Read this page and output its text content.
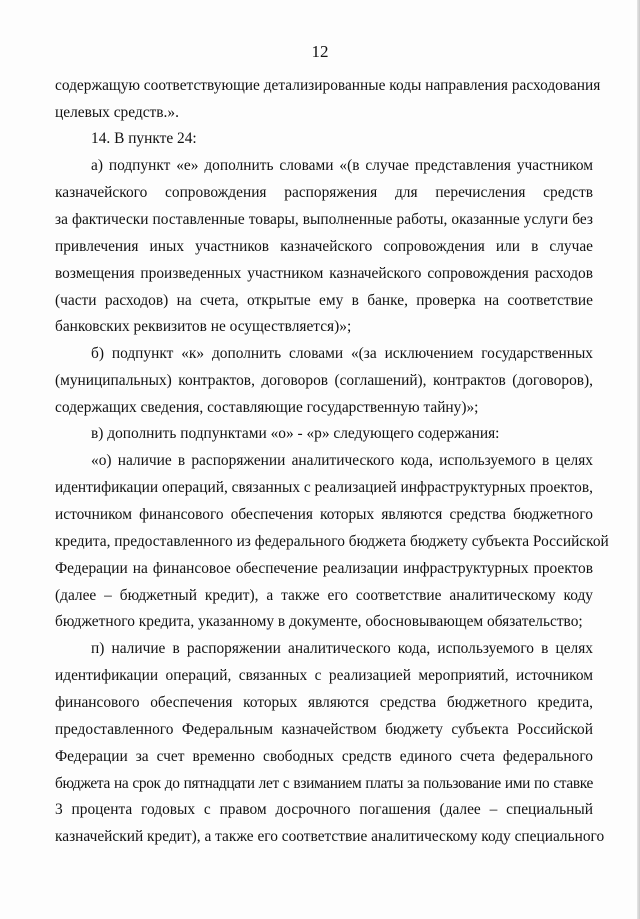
12
содержащую соответствующие детализированные коды направления расходования
целевых средств.».
14. В пункте 24:
а) подпункт «е» дополнить словами «(в случае представления участником
казначейского сопровождения распоряжения для перечисления средств
за фактически поставленные товары, выполненные работы, оказанные услуги без
привлечения иных участников казначейского сопровождения или в случае
возмещения произведенных участником казначейского сопровождения расходов
(части расходов) на счета, открытые ему в банке, проверка на соответствие
банковских реквизитов не осуществляется)»;
б) подпункт «к» дополнить словами «(за исключением государственных
(муниципальных) контрактов, договоров (соглашений), контрактов (договоров),
содержащих сведения, составляющие государственную тайну)»;
в) дополнить подпунктами «о» - «р» следующего содержания:
«о) наличие в распоряжении аналитического кода, используемого в целях
идентификации операций, связанных с реализацией инфраструктурных проектов,
источником финансового обеспечения которых являются средства бюджетного
кредита, предоставленного из федерального бюджета бюджету субъекта Российской
Федерации на финансовое обеспечение реализации инфраструктурных проектов
(далее – бюджетный кредит), а также его соответствие аналитическому коду
бюджетного кредита, указанному в документе, обосновывающем обязательство;
п) наличие в распоряжении аналитического кода, используемого в целях
идентификации операций, связанных с реализацией мероприятий, источником
финансового обеспечения которых являются средства бюджетного кредита,
предоставленного Федеральным казначейством бюджету субъекта Российской
Федерации за счет временно свободных средств единого счета федерального
бюджета на срок до пятнадцати лет с взиманием платы за пользование ими по ставке
3 процента годовых с правом досрочного погашения (далее – специальный
казначейский кредит), а также его соответствие аналитическому коду специального
